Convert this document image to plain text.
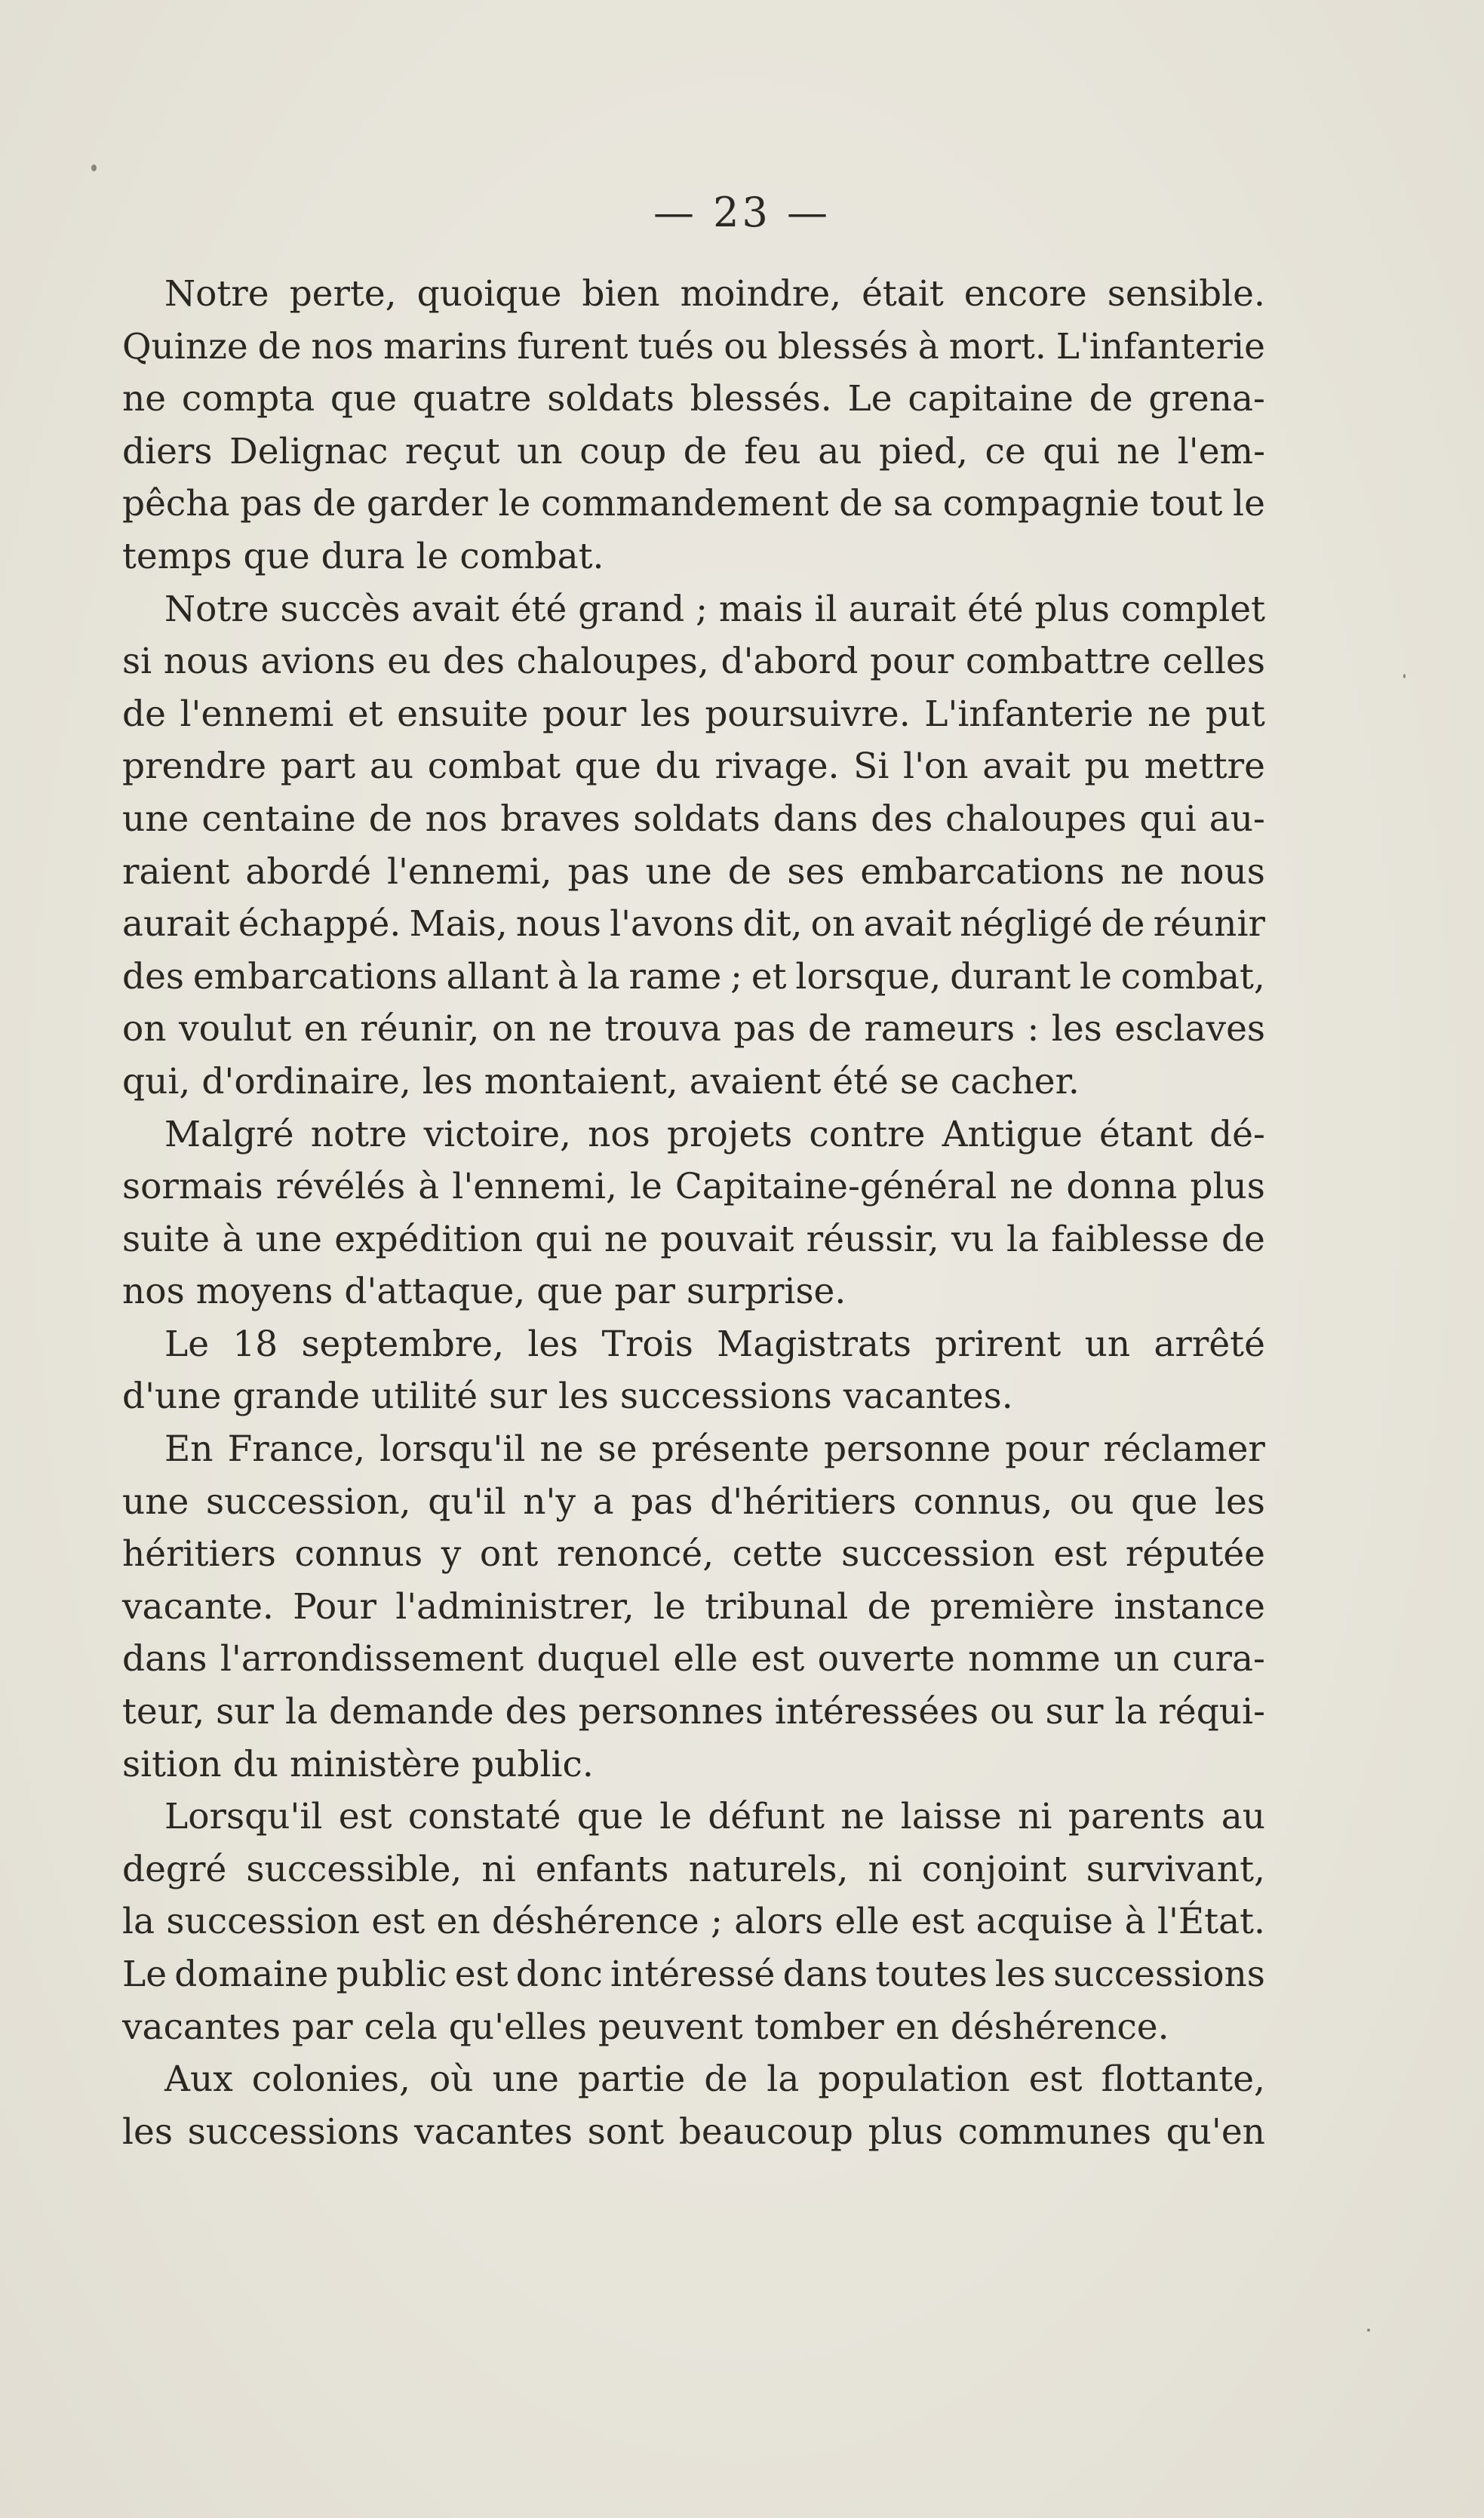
— 23 —
Notre perte, quoique bien moindre, était encore sensible.
Quinze de nos marins furent tués ou blessés à mort. L'infanterie
ne compta que quatre soldats blessés. Le capitaine de grena-
diers Delignac reçut un coup de feu au pied, ce qui ne l'em-
pêcha pas de garder le commandement de sa compagnie tout le
temps que dura le combat.
Notre succès avait été grand ; mais il aurait été plus complet
si nous avions eu des chaloupes, d'abord pour combattre celles
de l'ennemi et ensuite pour les poursuivre. L'infanterie ne put
prendre part au combat que du rivage. Si l'on avait pu mettre
une centaine de nos braves soldats dans des chaloupes qui au-
raient abordé l'ennemi, pas une de ses embarcations ne nous
aurait échappé. Mais, nous l'avons dit, on avait négligé de réunir
des embarcations allant à la rame ; et lorsque, durant le combat,
on voulut en réunir, on ne trouva pas de rameurs : les esclaves
qui, d'ordinaire, les montaient, avaient été se cacher.
Malgré notre victoire, nos projets contre Antigue étant dé-
sormais révélés à l'ennemi, le Capitaine-général ne donna plus
suite à une expédition qui ne pouvait réussir, vu la faiblesse de
nos moyens d'attaque, que par surprise.
Le 18 septembre, les Trois Magistrats prirent un arrêté
d'une grande utilité sur les successions vacantes.
En France, lorsqu'il ne se présente personne pour réclamer
une succession, qu'il n'y a pas d'héritiers connus, ou que les
héritiers connus y ont renoncé, cette succession est réputée
vacante. Pour l'administrer, le tribunal de première instance
dans l'arrondissement duquel elle est ouverte nomme un cura-
teur, sur la demande des personnes intéressées ou sur la réqui-
sition du ministère public.
Lorsqu'il est constaté que le défunt ne laisse ni parents au
degré successible, ni enfants naturels, ni conjoint survivant,
la succession est en déshérence ; alors elle est acquise à l'État.
Le domaine public est donc intéressé dans toutes les successions
vacantes par cela qu'elles peuvent tomber en déshérence.
Aux colonies, où une partie de la population est flottante,
les successions vacantes sont beaucoup plus communes qu'en
